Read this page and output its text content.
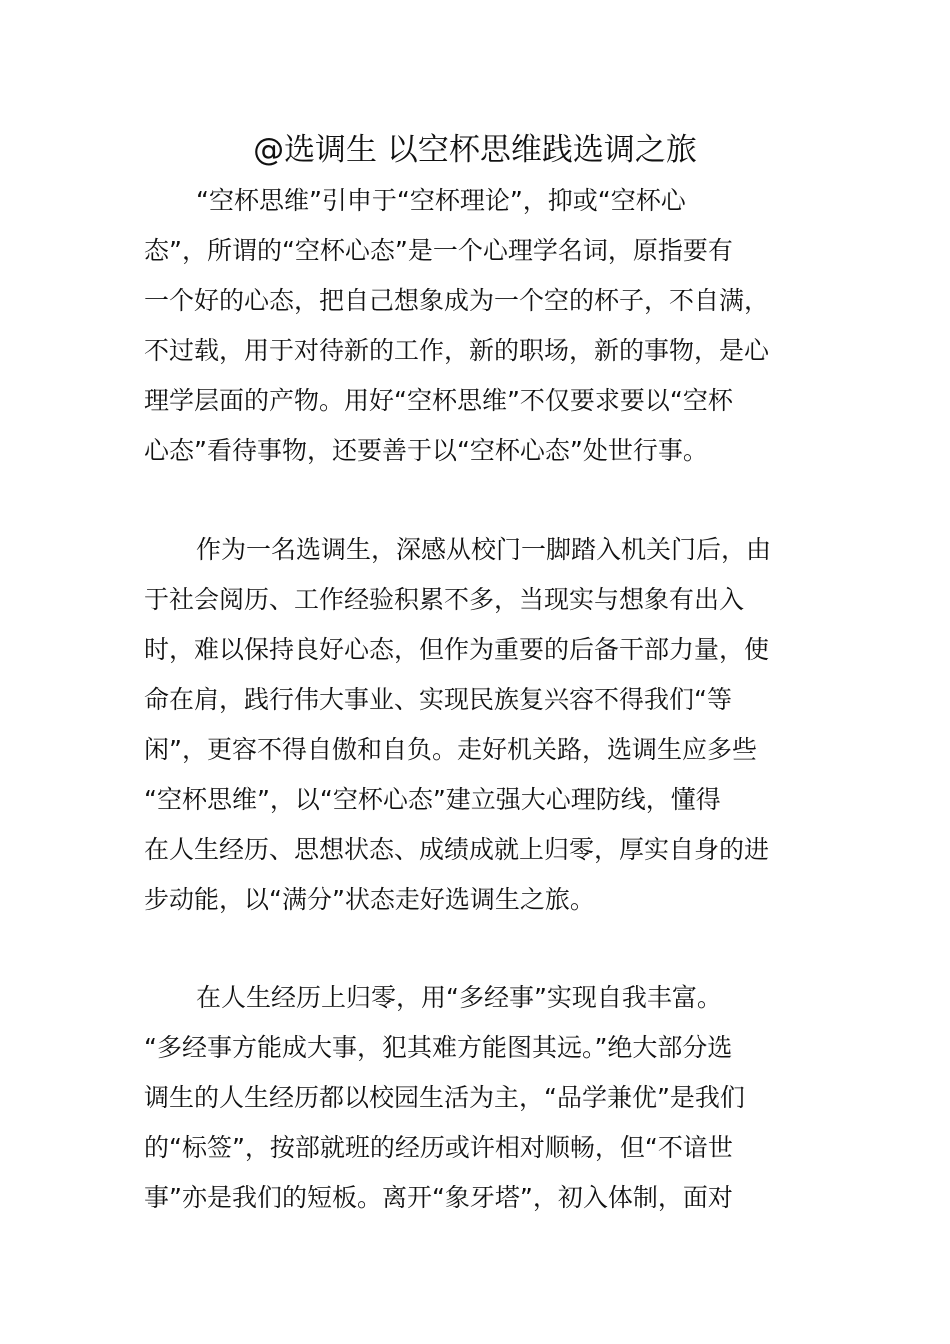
@选调生 以空杯思维践选调之旅
“空杯思维”引申于“空杯理论”，抑或“空杯心
态”，所谓的“空杯心态”是一个心理学名词，原指要有
一个好的心态，把自己想象成为一个空的杯子，不自满，
不过载，用于对待新的工作，新的职场，新的事物，是心
理学层面的产物。用好“空杯思维”不仅要求要以“空杯
心态”看待事物，还要善于以“空杯心态”处世行事。
作为一名选调生，深感从校门一脚踏入机关门后，由
于社会阅历、工作经验积累不多，当现实与想象有出入
时，难以保持良好心态，但作为重要的后备干部力量，使
命在肩，践行伟大事业、实现民族复兴容不得我们“等
闲”，更容不得自傲和自负。走好机关路，选调生应多些
“空杯思维”，以“空杯心态”建立强大心理防线，懂得
在人生经历、思想状态、成绩成就上归零，厚实自身的进
步动能，以“满分”状态走好选调生之旅。
在人生经历上归零，用“多经事”实现自我丰富。
“多经事方能成大事，犯其难方能图其远。”绝大部分选
调生的人生经历都以校园生活为主，“品学兼优”是我们
的“标签”，按部就班的经历或许相对顺畅，但“不谙世
事”亦是我们的短板。离开“象牙塔”，初入体制，面对
